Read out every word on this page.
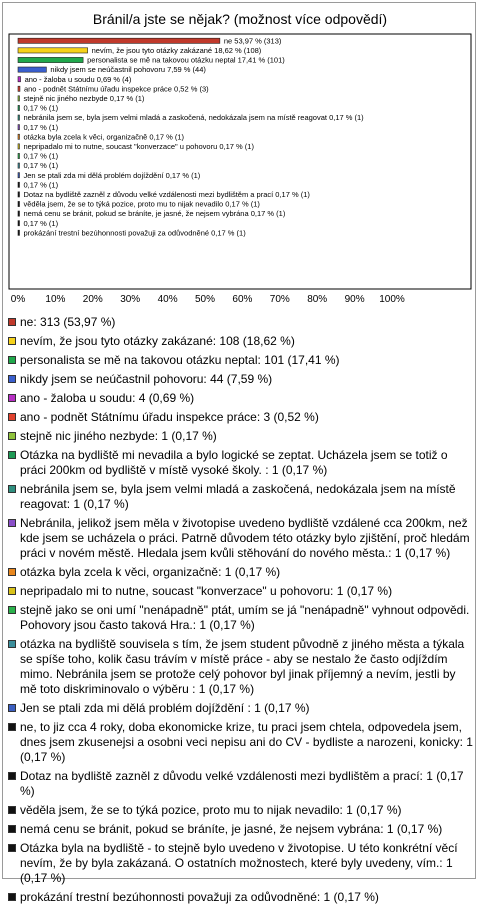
Bránil/a jste se nějak? (možnost více odpovědí)
ne 53,97 % (313)
nevím, že jsou tyto otázky zakázané 18,62 % (108)
personalista se mě na takovou otázku neptal 17,41 % (101)
nikdy jsem se neúčastnil pohovoru 7,59 % (44)
ano - žaloba u soudu 0,69 % (4)
ano - podnět Státnímu úřadu inspekce práce 0,52 % (3)
stejně nic jiného nezbyde 0,17 % (1)
0,17 % (1)
nebránila jsem se, byla jsem velmi mladá a zaskočená, nedokázala jsem na místě reagovat 0,17 % (1)
0,17 % (1)
otázka byla zcela k věci, organizačně 0,17 % (1)
nepripadalo mi to nutne, soucast "konverzace" u pohovoru 0,17 % (1)
0,17 % (1)
0,17 % (1)
Jen se ptali zda mi dělá problém dojíždění 0,17 % (1)
0,17 % (1)
Dotaz na bydliště zazněl z důvodu velké vzdálenosti mezi bydlištěm a prací 0,17 % (1)
věděla jsem, že se to týká pozice, proto mu to nijak nevadilo 0,17 % (1)
nemá cenu se bránit, pokud se bráníte, je jasné, že nejsem vybrána 0,17 % (1)
0,17 % (1)
prokázání trestní bezúhonnosti považuji za odůvodněné 0,17 % (1)
0% 10% 20% 30% 40% 50% 60% 70% 80% 90% 100%
ne: 313 (53,97 %)
nevím, že jsou tyto otázky zakázané: 108 (18,62 %)
personalista se mě na takovou otázku neptal: 101 (17,41 %)
nikdy jsem se neúčastnil pohovoru: 44 (7,59 %)
ano - žaloba u soudu: 4 (0,69 %)
ano - podnět Státnímu úřadu inspekce práce: 3 (0,52 %)
stejně nic jiného nezbyde: 1 (0,17 %)
Otázka na bydliště mi nevadila a bylo logické se zeptat. Ucházela jsem se totiž o práci 200km od bydliště v místě vysoké školy. : 1 (0,17 %)
nebránila jsem se, byla jsem velmi mladá a zaskočená, nedokázala jsem na místě reagovat: 1 (0,17 %)
Nebránila, jelikož jsem měla v životopise uvedeno bydliště vzdálené cca 200km, než kde jsem se ucházela o práci. Patrně důvodem této otázky bylo zjištění, proč hledám práci v novém městě. Hledala jsem kvůli stěhování do nového města.: 1 (0,17 %)
otázka byla zcela k věci, organizačně: 1 (0,17 %)
nepripadalo mi to nutne, soucast "konverzace" u pohovoru: 1 (0,17 %)
stejně jako se oni umí "nenápadně" ptát, umím se já "nenápadně" vyhnout odpovědi. Pohovory jsou často taková Hra.: 1 (0,17 %)
otázka na bydliště souvisela s tím, že jsem student původně z jiného města a týkala se spíše toho, kolik času trávím v místě práce - aby se nestalo že často odjíždím mimo. Nebránila jsem se protože celý pohovor byl jinak příjemný a nevím, jestli by mě toto diskriminovalo o výběru : 1 (0,17 %)
Jen se ptali zda mi dělá problém dojíždění : 1 (0,17 %)
ne, to jiz cca 4 roky, doba ekonomicke krize, tu praci jsem chtela, odpovedela jsem, dnes jsem zkusenejsi a osobni veci nepisu ani do CV - bydliste a narozeni, konicky: 1 (0,17 %)
Dotaz na bydliště zazněl z důvodu velké vzdálenosti mezi bydlištěm a prací: 1 (0,17 %)
věděla jsem, že se to týká pozice, proto mu to nijak nevadilo: 1 (0,17 %)
nemá cenu se bránit, pokud se bráníte, je jasné, že nejsem vybrána: 1 (0,17 %)
Otázka byla na bydliště - to stejně bylo uvedeno v životopise. U této konkrétní věcí nevím, že by byla zakázaná. O ostatních možnostech, které byly uvedeny, vím.: 1 (0,17 %)
prokázání trestní bezúhonnosti považuji za odůvodněné: 1 (0,17 %)
